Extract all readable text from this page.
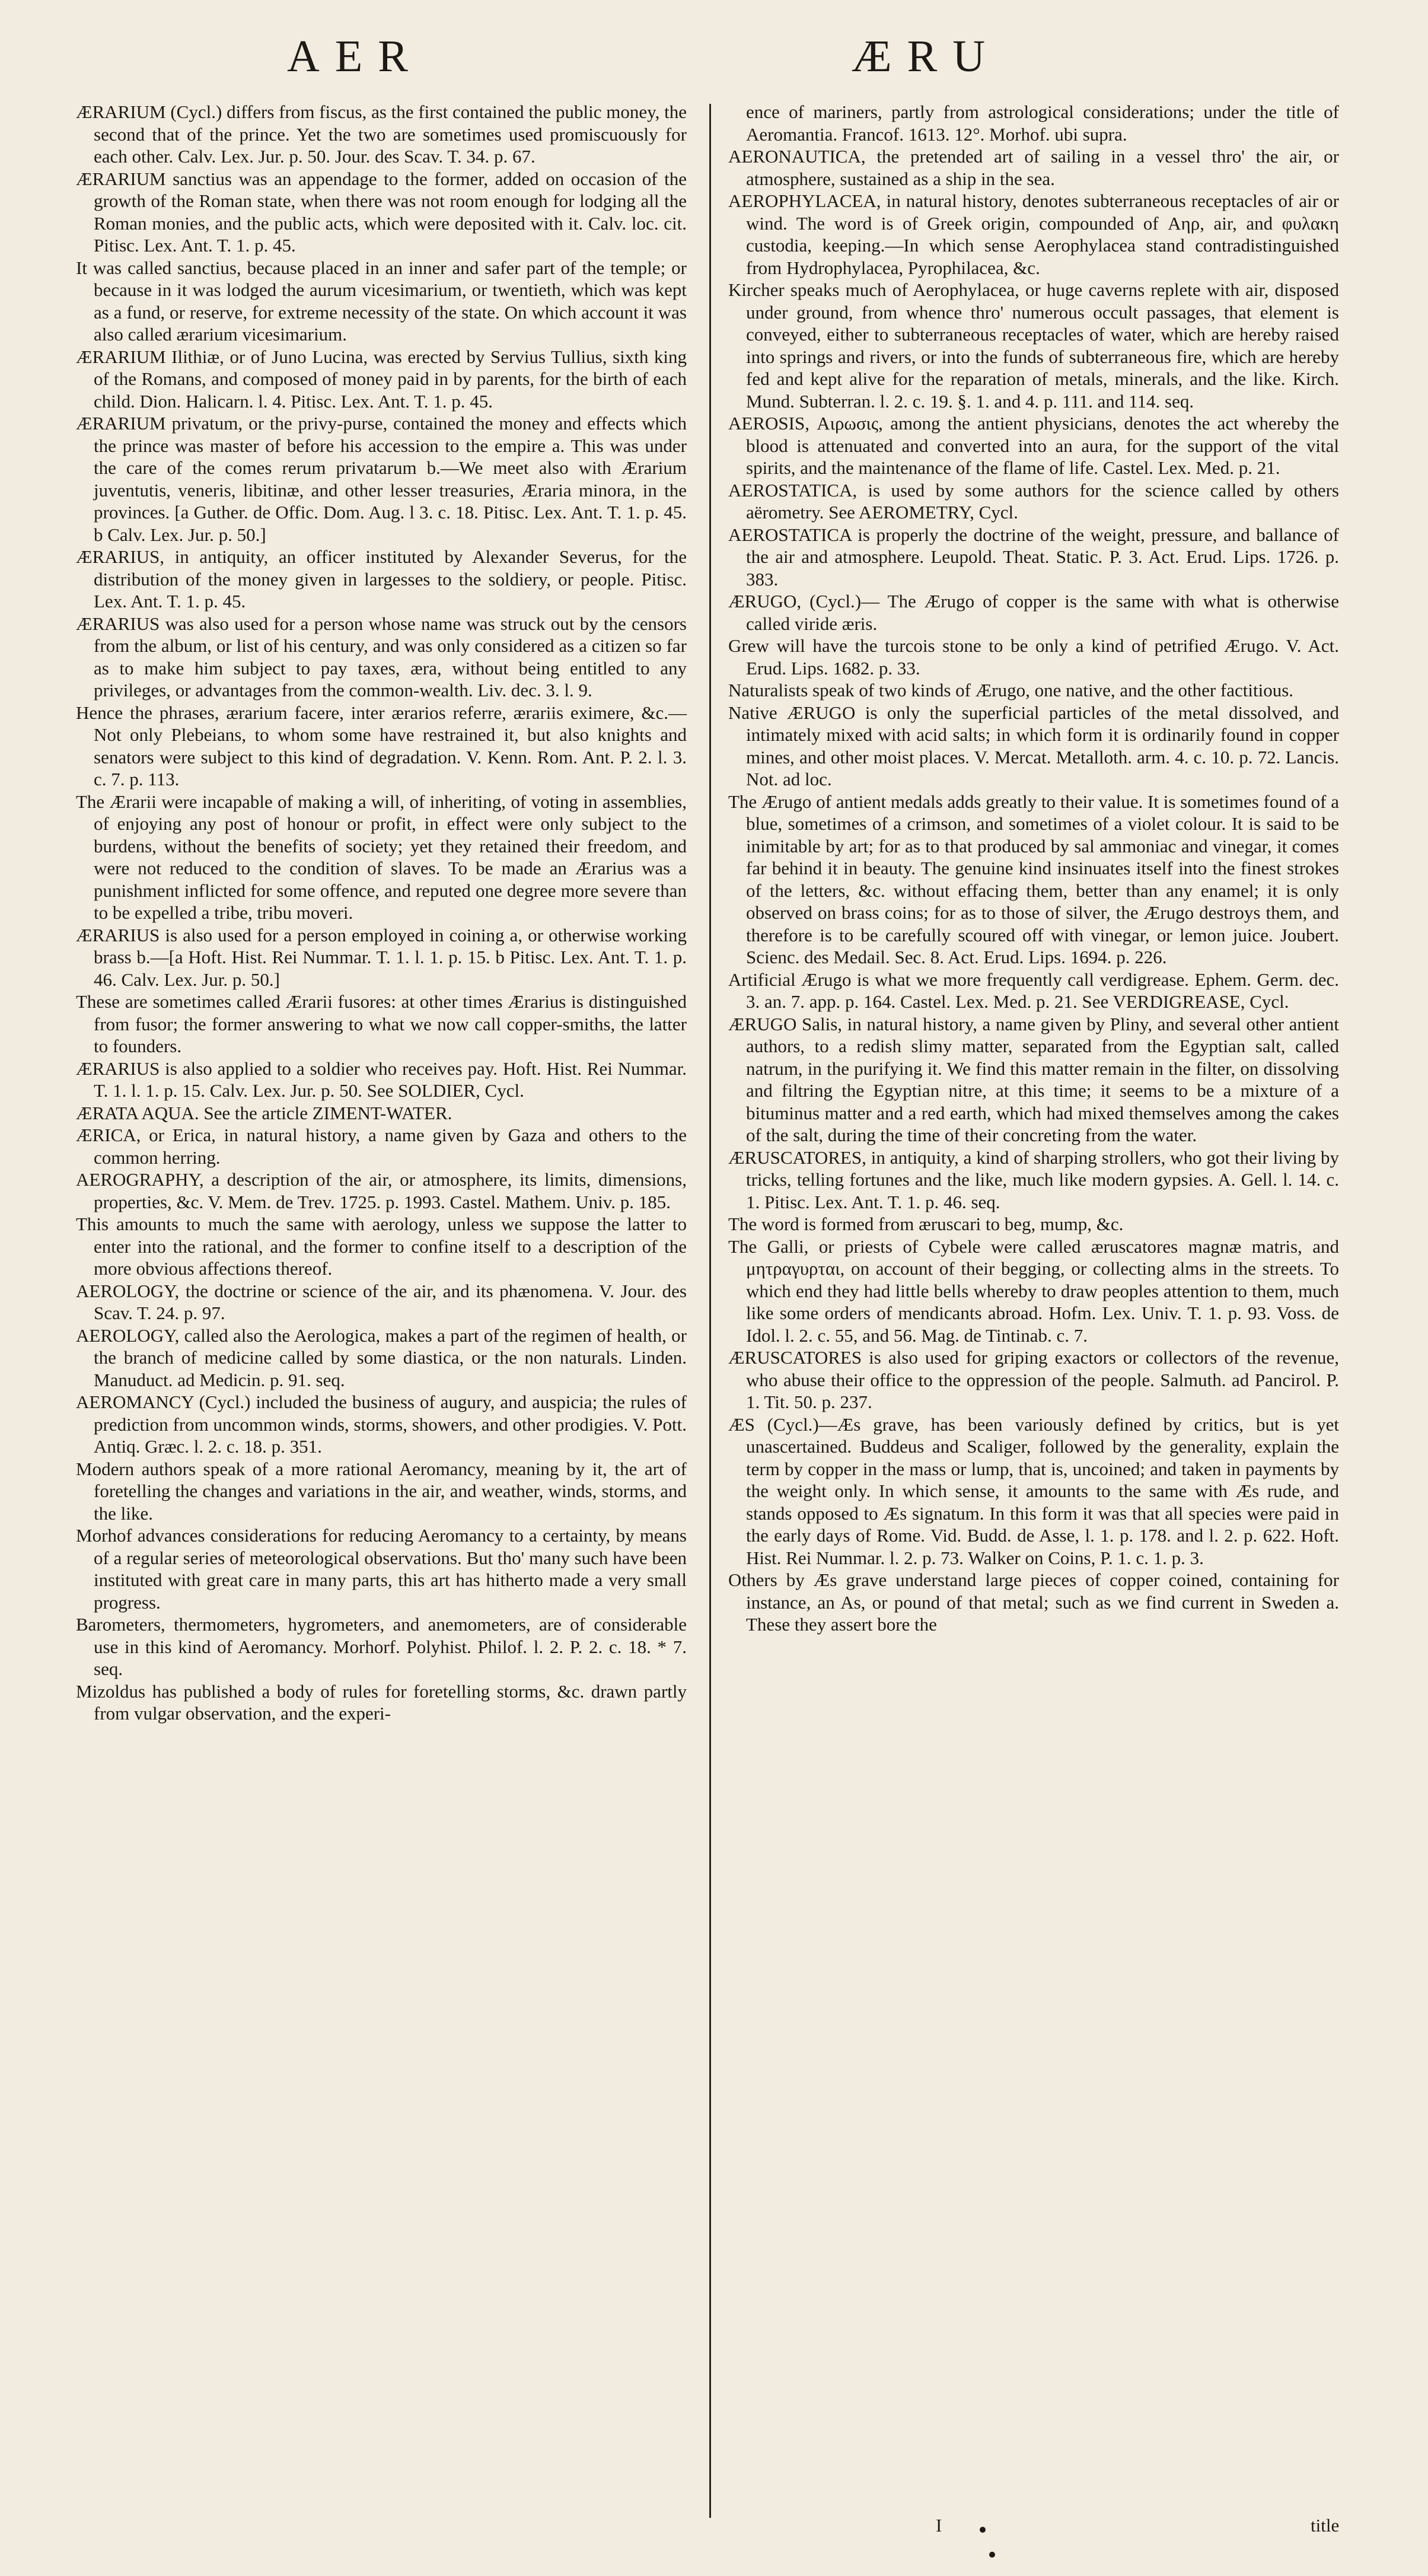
AER	ÆRU

ÆRARIUM (Cycl.) differs from fiscus, as the first contained the public money, the second that of the prince. Yet the two are sometimes used promiscuously for each other. Calv. Lex. Jur. p. 50. Jour. des Scav. T. 34. p. 67.

ÆRARIUM sanctius was an appendage to the former, added on occasion of the growth of the Roman state, when there was not room enough for lodging all the Roman monies, and the public acts, which were deposited with it. Calv. loc. cit. Pitisc. Lex. Ant. T. 1. p. 45.

It was called sanctius, because placed in an inner and safer part of the temple; or because in it was lodged the aurum vicesimarium, or twentieth, which was kept as a fund, or reserve, for extreme necessity of the state. On which account it was also called ærarium vicesimarium.

ÆRARIUM Ilithiæ, or of Juno Lucina, was erected by Servius Tullius, sixth king of the Romans, and composed of money paid in by parents, for the birth of each child. Dion. Halicarn. l. 4. Pitisc. Lex. Ant. T. 1. p. 45.

ÆRARIUM privatum, or the privy-purse, contained the money and effects which the prince was master of before his accession to the empire a. This was under the care of the comes rerum privatarum b.—We meet also with Ærarium juventutis, veneris, libitinæ, and other lesser treasuries, Æraria minora, in the provinces. [a Guther. de Offic. Dom. Aug. l 3. c. 18. Pitisc. Lex. Ant. T. 1. p. 45. b Calv. Lex. Jur. p. 50.]

ÆRARIUS, in antiquity, an officer instituted by Alexander Severus, for the distribution of the money given in largesses to the soldiery, or people. Pitisc. Lex. Ant. T. 1. p. 45.

ÆRARIUS was also used for a person whose name was struck out by the censors from the album, or list of his century, and was only considered as a citizen so far as to make him subject to pay taxes, æra, without being entitled to any privileges, or advantages from the common-wealth. Liv. dec. 3. l. 9.

Hence the phrases, ærarium facere, inter ærarios referre, ærariis eximere, &c.—Not only Plebeians, to whom some have restrained it, but also knights and senators were subject to this kind of degradation. V. Kenn. Rom. Ant. P. 2. l. 3. c. 7. p. 113.

The Ærarii were incapable of making a will, of inheriting, of voting in assemblies, of enjoying any post of honour or profit, in effect were only subject to the burdens, without the benefits of society; yet they retained their freedom, and were not reduced to the condition of slaves. To be made an Ærarius was a punishment inflicted for some offence, and reputed one degree more severe than to be expelled a tribe, tribu moveri.

ÆRARIUS is also used for a person employed in coining a, or otherwise working brass b.—[a Hoft. Hist. Rei Nummar. T. 1. l. 1. p. 15. b Pitisc. Lex. Ant. T. 1. p. 46. Calv. Lex. Jur. p. 50.]

These are sometimes called Ærarii fusores: at other times Ærarius is distinguished from fusor; the former answering to what we now call copper-smiths, the latter to founders.

ÆRARIUS is also applied to a soldier who receives pay. Hoft. Hist. Rei Nummar. T. 1. l. 1. p. 15. Calv. Lex. Jur. p. 50. See SOLDIER, Cycl.

ÆRATA AQUA. See the article ZIMENT-WATER.

ÆRICA, or Erica, in natural history, a name given by Gaza and others to the common herring.

AEROGRAPHY, a description of the air, or atmosphere, its limits, dimensions, properties, &c. V. Mem. de Trev. 1725. p. 1993. Castel. Mathem. Univ. p. 185.

This amounts to much the same with aerology, unless we suppose the latter to enter into the rational, and the former to confine itself to a description of the more obvious affections thereof.

AEROLOGY, the doctrine or science of the air, and its phænomena. V. Jour. des Scav. T. 24. p. 97.

AEROLOGY, called also the Aerologica, makes a part of the regimen of health, or the branch of medicine called by some diastica, or the non naturals. Linden. Manuduct. ad Medicin. p. 91. seq.

AEROMANCY (Cycl.) included the business of augury, and auspicia; the rules of prediction from uncommon winds, storms, showers, and other prodigies. V. Pott. Antiq. Græc. l. 2. c. 18. p. 351.

Modern authors speak of a more rational Aeromancy, meaning by it, the art of foretelling the changes and variations in the air, and weather, winds, storms, and the like.

Morhof advances considerations for reducing Aeromancy to a certainty, by means of a regular series of meteorological observations. But tho' many such have been instituted with great care in many parts, this art has hitherto made a very small progress.

Barometers, thermometers, hygrometers, and anemometers, are of considerable use in this kind of Aeromancy. Morhorf. Polyhist. Philof. l. 2. P. 2. c. 18. * 7. seq.

Mizoldus has published a body of rules for foretelling storms, &c. drawn partly from vulgar observation, and the experi-

ence of mariners, partly from astrological considerations; under the title of Aeromantia. Francof. 1613. 12°. Morhof. ubi supra.

AERONAUTICA, the pretended art of sailing in a vessel thro' the air, or atmosphere, sustained as a ship in the sea.

AEROPHYLACEA, in natural history, denotes subterraneous receptacles of air or wind. The word is of Greek origin, compounded of Αηρ, air, and φυλακη custodia, keeping.—In which sense Aerophylacea stand contradistinguished from Hydrophylacea, Pyrophilacea, &c.

Kircher speaks much of Aerophylacea, or huge caverns replete with air, disposed under ground, from whence thro' numerous occult passages, that element is conveyed, either to subterraneous receptacles of water, which are hereby raised into springs and rivers, or into the funds of subterraneous fire, which are hereby fed and kept alive for the reparation of metals, minerals, and the like. Kirch. Mund. Subterran. l. 2. c. 19. §. 1. and 4. p. 111. and 114. seq.

AEROSIS, Αιρωσις, among the antient physicians, denotes the act whereby the blood is attenuated and converted into an aura, for the support of the vital spirits, and the maintenance of the flame of life. Castel. Lex. Med. p. 21.

AEROSTATICA, is used by some authors for the science called by others aërometry. See AEROMETRY, Cycl.

AEROSTATICA is properly the doctrine of the weight, pressure, and ballance of the air and atmosphere. Leupold. Theat. Static. P. 3. Act. Erud. Lips. 1726. p. 383.

ÆRUGO, (Cycl.)— The Ærugo of copper is the same with what is otherwise called viride æris.

Grew will have the turcois stone to be only a kind of petrified Ærugo. V. Act. Erud. Lips. 1682. p. 33.

Naturalists speak of two kinds of Ærugo, one native, and the other factitious.

Native ÆRUGO is only the superficial particles of the metal dissolved, and intimately mixed with acid salts; in which form it is ordinarily found in copper mines, and other moist places. V. Mercat. Metalloth. arm. 4. c. 10. p. 72. Lancis. Not. ad loc.

The Ærugo of antient medals adds greatly to their value. It is sometimes found of a blue, sometimes of a crimson, and sometimes of a violet colour. It is said to be inimitable by art; for as to that produced by sal ammoniac and vinegar, it comes far behind it in beauty. The genuine kind insinuates itself into the finest strokes of the letters, &c. without effacing them, better than any enamel; it is only observed on brass coins; for as to those of silver, the Ærugo destroys them, and therefore is to be carefully scoured off with vinegar, or lemon juice. Joubert. Scienc. des Medail. Sec. 8. Act. Erud. Lips. 1694. p. 226.

Artificial Ærugo is what we more frequently call verdigrease. Ephem. Germ. dec. 3. an. 7. app. p. 164. Castel. Lex. Med. p. 21. See VERDIGREASE, Cycl.

ÆRUGO Salis, in natural history, a name given by Pliny, and several other antient authors, to a redish slimy matter, separated from the Egyptian salt, called natrum, in the purifying it. We find this matter remain in the filter, on dissolving and filtring the Egyptian nitre, at this time; it seems to be a mixture of a bituminus matter and a red earth, which had mixed themselves among the cakes of the salt, during the time of their concreting from the water.

ÆRUSCATORES, in antiquity, a kind of sharping strollers, who got their living by tricks, telling fortunes and the like, much like modern gypsies. A. Gell. l. 14. c. 1. Pitisc. Lex. Ant. T. 1. p. 46. seq.

The word is formed from æruscari to beg, mump, &c.

The Galli, or priests of Cybele were called æruscatores magnæ matris, and μητραγυρται, on account of their begging, or collecting alms in the streets. To which end they had little bells whereby to draw peoples attention to them, much like some orders of mendicants abroad. Hofm. Lex. Univ. T. 1. p. 93. Voss. de Idol. l. 2. c. 55, and 56. Mag. de Tintinab. c. 7.

ÆRUSCATORES is also used for griping exactors or collectors of the revenue, who abuse their office to the oppression of the people. Salmuth. ad Pancirol. P. 1. Tit. 50. p. 237.

ÆS (Cycl.)—Æs grave, has been variously defined by critics, but is yet unascertained. Buddeus and Scaliger, followed by the generality, explain the term by copper in the mass or lump, that is, uncoined; and taken in payments by the weight only. In which sense, it amounts to the same with Æs rude, and stands opposed to Æs signatum. In this form it was that all species were paid in the early days of Rome. Vid. Budd. de Asse, l. 1. p. 178. and l. 2. p. 622. Hoft. Hist. Rei Nummar. l. 2. p. 73. Walker on Coins, P. 1. c. 1. p. 3.

Others by Æs grave understand large pieces of copper coined, containing for instance, an As, or pound of that metal; such as we find current in Sweden a. These they assert bore the

I	title
